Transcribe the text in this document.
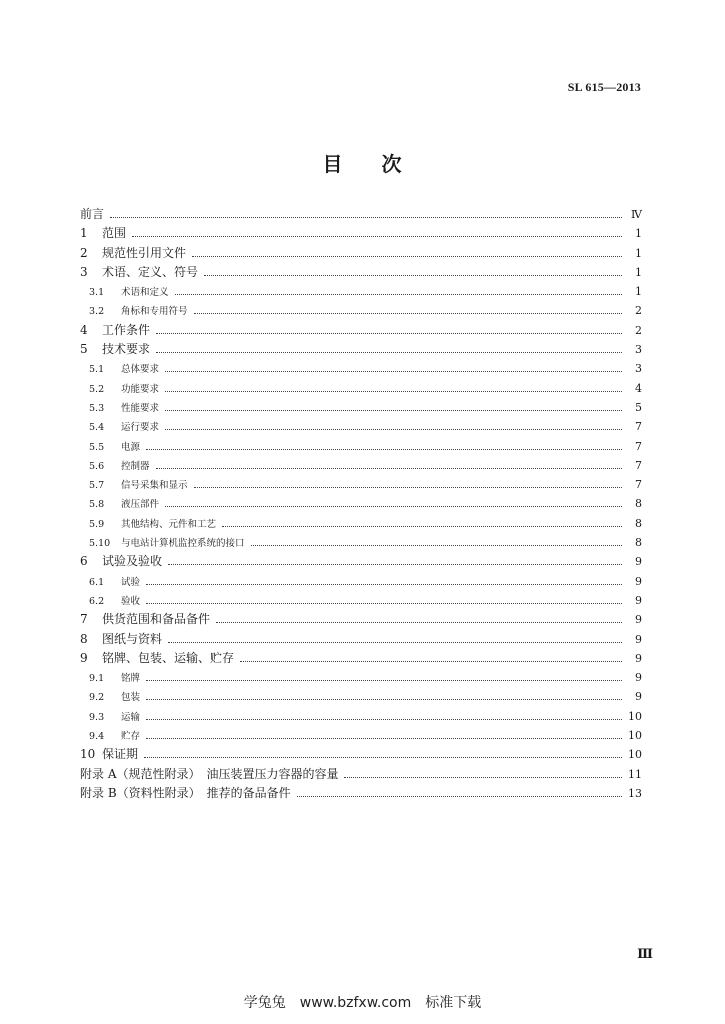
SL 615—2013
目 次
前言	Ⅳ
1	范围	1
2	规范性引用文件	1
3	术语、定义、符号	1
3.1	术语和定义	1
3.2	角标和专用符号	2
4	工作条件	2
5	技术要求	3
5.1	总体要求	3
5.2	功能要求	4
5.3	性能要求	5
5.4	运行要求	7
5.5	电源	7
5.6	控制器	7
5.7	信号采集和显示	7
5.8	液压部件	8
5.9	其他结构、元件和工艺	8
5.10	与电站计算机监控系统的接口	8
6	试验及验收	9
6.1	试验	9
6.2	验收	9
7	供货范围和备品备件	9
8	图纸与资料	9
9	铭牌、包装、运输、贮存	9
9.1	铭牌	9
9.2	包装	9
9.3	运输	10
9.4	贮存	10
10 保证期	10
附录 A（规范性附录）　油压装置压力容器的容量	11
附录 B（资料性附录）　推荐的备品备件	13
Ⅲ
学兔兔　www.bzfxw.com　标准下载
